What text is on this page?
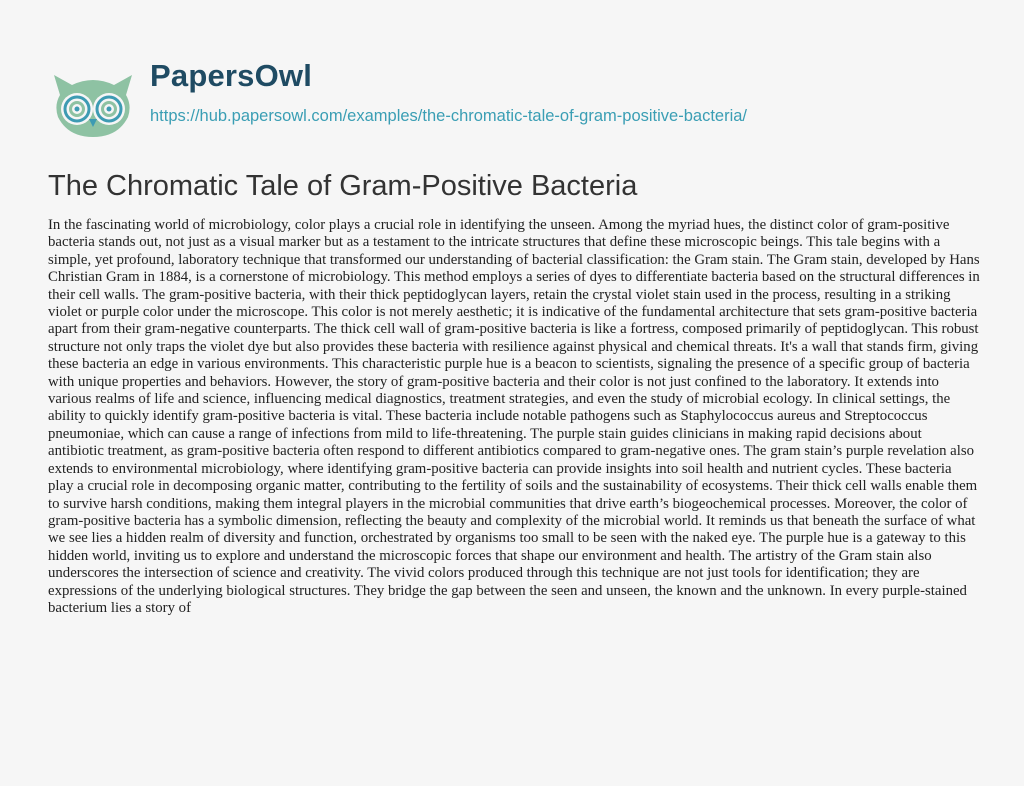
PapersOwl
https://hub.papersowl.com/examples/the-chromatic-tale-of-gram-positive-bacteria/
The Chromatic Tale of Gram-Positive Bacteria

In the fascinating world of microbiology, color plays a crucial role in identifying the unseen. Among the myriad hues, the distinct color of gram-positive bacteria stands out, not just as a visual marker but as a testament to the intricate structures that define these microscopic beings. This tale begins with a simple, yet profound, laboratory technique that transformed our understanding of bacterial classification: the Gram stain. The Gram stain, developed by Hans Christian Gram in 1884, is a cornerstone of microbiology. This method employs a series of dyes to differentiate bacteria based on the structural differences in their cell walls. The gram-positive bacteria, with their thick peptidoglycan layers, retain the crystal violet stain used in the process, resulting in a striking violet or purple color under the microscope. This color is not merely aesthetic; it is indicative of the fundamental architecture that sets gram-positive bacteria apart from their gram-negative counterparts. The thick cell wall of gram-positive bacteria is like a fortress, composed primarily of peptidoglycan. This robust structure not only traps the violet dye but also provides these bacteria with resilience against physical and chemical threats. It's a wall that stands firm, giving these bacteria an edge in various environments. This characteristic purple hue is a beacon to scientists, signaling the presence of a specific group of bacteria with unique properties and behaviors. However, the story of gram-positive bacteria and their color is not just confined to the laboratory. It extends into various realms of life and science, influencing medical diagnostics, treatment strategies, and even the study of microbial ecology. In clinical settings, the ability to quickly identify gram-positive bacteria is vital. These bacteria include notable pathogens such as Staphylococcus aureus and Streptococcus pneumoniae, which can cause a range of infections from mild to life-threatening. The purple stain guides clinicians in making rapid decisions about antibiotic treatment, as gram-positive bacteria often respond to different antibiotics compared to gram-negative ones. The gram stain’s purple revelation also extends to environmental microbiology, where identifying gram-positive bacteria can provide insights into soil health and nutrient cycles. These bacteria play a crucial role in decomposing organic matter, contributing to the fertility of soils and the sustainability of ecosystems. Their thick cell walls enable them to survive harsh conditions, making them integral players in the microbial communities that drive earth’s biogeochemical processes. Moreover, the color of gram-positive bacteria has a symbolic dimension, reflecting the beauty and complexity of the microbial world. It reminds us that beneath the surface of what we see lies a hidden realm of diversity and function, orchestrated by organisms too small to be seen with the naked eye. The purple hue is a gateway to this hidden world, inviting us to explore and understand the microscopic forces that shape our environment and health. The artistry of the Gram stain also underscores the intersection of science and creativity. The vivid colors produced through this technique are not just tools for identification; they are expressions of the underlying biological structures. They bridge the gap between the seen and unseen, the known and the unknown. In every purple-stained bacterium lies a story of
